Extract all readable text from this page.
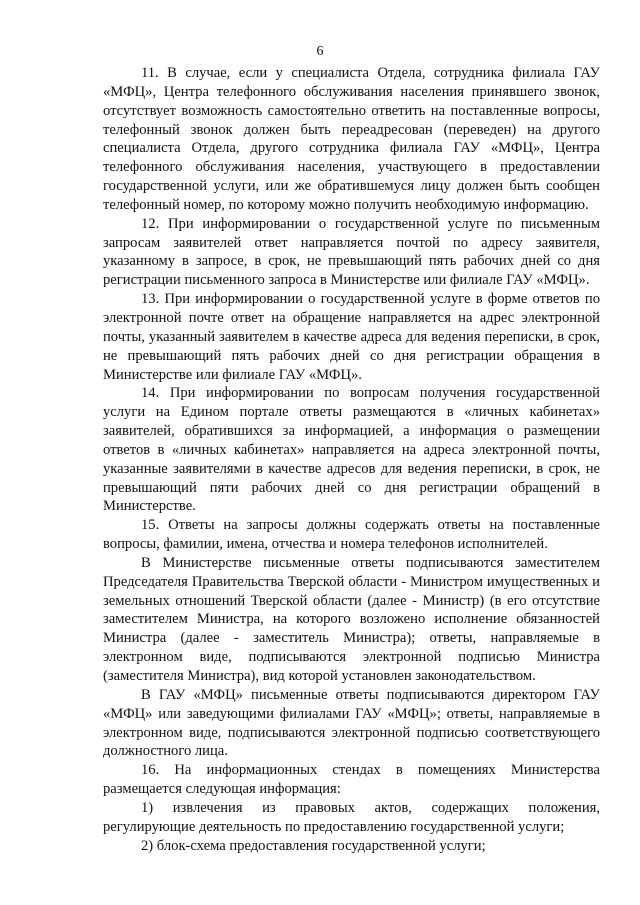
6

11. В случае, если у специалиста Отдела, сотрудника филиала ГАУ «МФЦ», Центра телефонного обслуживания населения принявшего звонок, отсутствует возможность самостоятельно ответить на поставленные вопросы, телефонный звонок должен быть переадресован (переведен) на другого специалиста Отдела, другого сотрудника филиала ГАУ «МФЦ», Центра телефонного обслуживания населения, участвующего в предоставлении государственной услуги, или же обратившемуся лицу должен быть сообщен телефонный номер, по которому можно получить необходимую информацию.

12. При информировании о государственной услуге по письменным запросам заявителей ответ направляется почтой по адресу заявителя, указанному в запросе, в срок, не превышающий пять рабочих дней со дня регистрации письменного запроса в Министерстве или филиале ГАУ «МФЦ».

13. При информировании о государственной услуге в форме ответов по электронной почте ответ на обращение направляется на адрес электронной почты, указанный заявителем в качестве адреса для ведения переписки, в срок, не превышающий пять рабочих дней со дня регистрации обращения в Министерстве или филиале ГАУ «МФЦ».

14. При информировании по вопросам получения государственной услуги на Едином портале ответы размещаются в «личных кабинетах» заявителей, обратившихся за информацией, а информация о размещении ответов в «личных кабинетах» направляется на адреса электронной почты, указанные заявителями в качестве адресов для ведения переписки, в срок, не превышающий пяти рабочих дней со дня регистрации обращений в Министерстве.

15. Ответы на запросы должны содержать ответы на поставленные вопросы, фамилии, имена, отчества и номера телефонов исполнителей.

В Министерстве письменные ответы подписываются заместителем Председателя Правительства Тверской области - Министром имущественных и земельных отношений Тверской области (далее - Министр) (в его отсутствие заместителем Министра, на которого возложено исполнение обязанностей Министра (далее - заместитель Министра); ответы, направляемые в электронном виде, подписываются электронной подписью Министра (заместителя Министра), вид которой установлен законодательством.

В ГАУ «МФЦ» письменные ответы подписываются директором ГАУ «МФЦ» или заведующими филиалами ГАУ «МФЦ»; ответы, направляемые в электронном виде, подписываются электронной подписью соответствующего должностного лица.

16. На информационных стендах в помещениях Министерства размещается следующая информация:

1) извлечения из правовых актов, содержащих положения, регулирующие деятельность по предоставлению государственной услуги;

2) блок-схема предоставления государственной услуги;
